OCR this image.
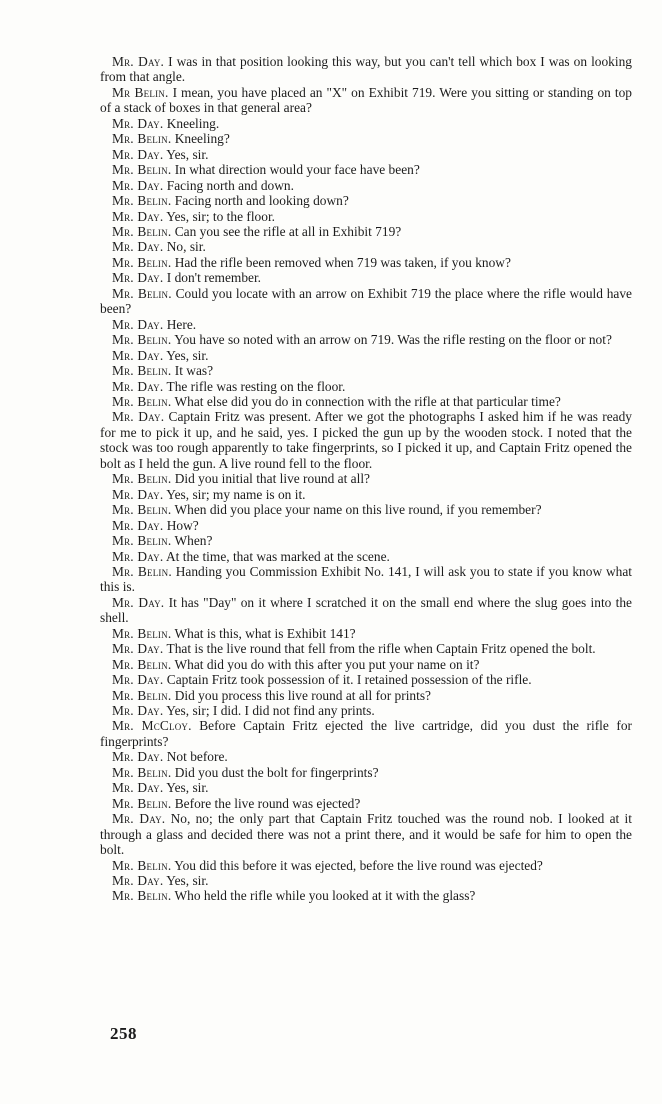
Mr. Day. I was in that position looking this way, but you can't tell which box I was on looking from that angle.

Mr Belin. I mean, you have placed an "X" on Exhibit 719. Were you sitting or standing on top of a stack of boxes in that general area?

Mr. Day. Kneeling.

Mr. Belin. Kneeling?

Mr. Day. Yes, sir.

Mr. Belin. In what direction would your face have been?

Mr. Day. Facing north and down.

Mr. Belin. Facing north and looking down?

Mr. Day. Yes, sir; to the floor.

Mr. Belin. Can you see the rifle at all in Exhibit 719?

Mr. Day. No, sir.

Mr. Belin. Had the rifle been removed when 719 was taken, if you know?

Mr. Day. I don't remember.

Mr. Belin. Could you locate with an arrow on Exhibit 719 the place where the rifle would have been?

Mr. Day. Here.

Mr. Belin. You have so noted with an arrow on 719. Was the rifle resting on the floor or not?

Mr. Day. Yes, sir.

Mr. Belin. It was?

Mr. Day. The rifle was resting on the floor.

Mr. Belin. What else did you do in connection with the rifle at that particular time?

Mr. Day. Captain Fritz was present. After we got the photographs I asked him if he was ready for me to pick it up, and he said, yes. I picked the gun up by the wooden stock. I noted that the stock was too rough apparently to take fingerprints, so I picked it up, and Captain Fritz opened the bolt as I held the gun. A live round fell to the floor.

Mr. Belin. Did you initial that live round at all?

Mr. Day. Yes, sir; my name is on it.

Mr. Belin. When did you place your name on this live round, if you remember?

Mr. Day. How?

Mr. Belin. When?

Mr. Day. At the time, that was marked at the scene.

Mr. Belin. Handing you Commission Exhibit No. 141, I will ask you to state if you know what this is.

Mr. Day. It has "Day" on it where I scratched it on the small end where the slug goes into the shell.

Mr. Belin. What is this, what is Exhibit 141?

Mr. Day. That is the live round that fell from the rifle when Captain Fritz opened the bolt.

Mr. Belin. What did you do with this after you put your name on it?

Mr. Day. Captain Fritz took possession of it. I retained possession of the rifle.

Mr. Belin. Did you process this live round at all for prints?

Mr. Day. Yes, sir; I did. I did not find any prints.

Mr. McCloy. Before Captain Fritz ejected the live cartridge, did you dust the rifle for fingerprints?

Mr. Day. Not before.

Mr. Belin. Did you dust the bolt for fingerprints?

Mr. Day. Yes, sir.

Mr. Belin. Before the live round was ejected?

Mr. Day. No, no; the only part that Captain Fritz touched was the round nob. I looked at it through a glass and decided there was not a print there, and it would be safe for him to open the bolt.

Mr. Belin. You did this before it was ejected, before the live round was ejected?

Mr. Day. Yes, sir.

Mr. Belin. Who held the rifle while you looked at it with the glass?

258
